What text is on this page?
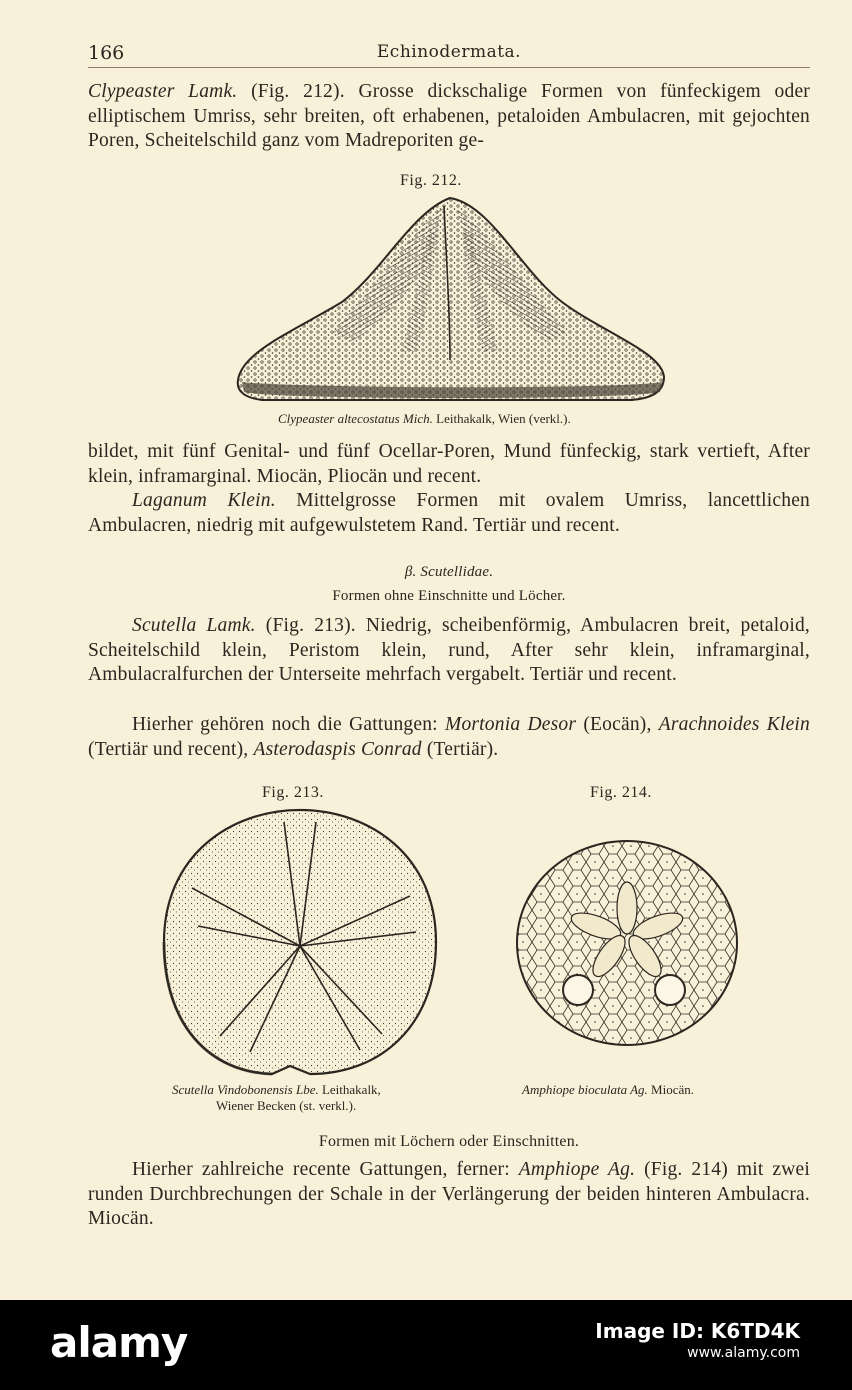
166	Echinodermata.
Clypeaster Lamk. (Fig. 212). Grosse dickschalige Formen von fünfeckigem oder elliptischem Umriss, sehr breiten, oft erhabenen, petaloiden Ambulacren, mit gejochten Poren, Scheitelschild ganz vom Madreporiten ge-
Fig. 212.
Clypeaster altecostatus Mich. Leithakalk, Wien (verkl.).
bildet, mit fünf Genital- und fünf Ocellar-Poren, Mund fünfeckig, stark vertieft, After klein, inframarginal. Miocän, Pliocän und recent.
Laganum Klein. Mittelgrosse Formen mit ovalem Umriss, lancettlichen Ambulacren, niedrig mit aufgewulstetem Rand. Tertiär und recent.
β. Scutellidae.
Formen ohne Einschnitte und Löcher.
Scutella Lamk. (Fig. 213). Niedrig, scheibenförmig, Ambulacren breit, petaloid, Scheitelschild klein, Peristom klein, rund, After sehr klein, inframarginal, Ambulacralfurchen der Unterseite mehrfach vergabelt. Tertiär und recent.
Hierher gehören noch die Gattungen: Mortonia Desor (Eocän), Arachnoides Klein (Tertiär und recent), Asterodaspis Conrad (Tertiär).
Fig. 213.	Fig. 214.
Scutella Vindobonensis Lbe. Leithakalk,
Wiener Becken (st. verkl.).
Amphiope bioculata Ag. Miocän.
Formen mit Löchern oder Einschnitten.
Hierher zahlreiche recente Gattungen, ferner: Amphiope Ag. (Fig. 214) mit zwei runden Durchbrechungen der Schale in der Verlängerung der beiden hinteren Ambulacra. Miocän.
alamy	Image ID: K6TD4K
www.alamy.com
